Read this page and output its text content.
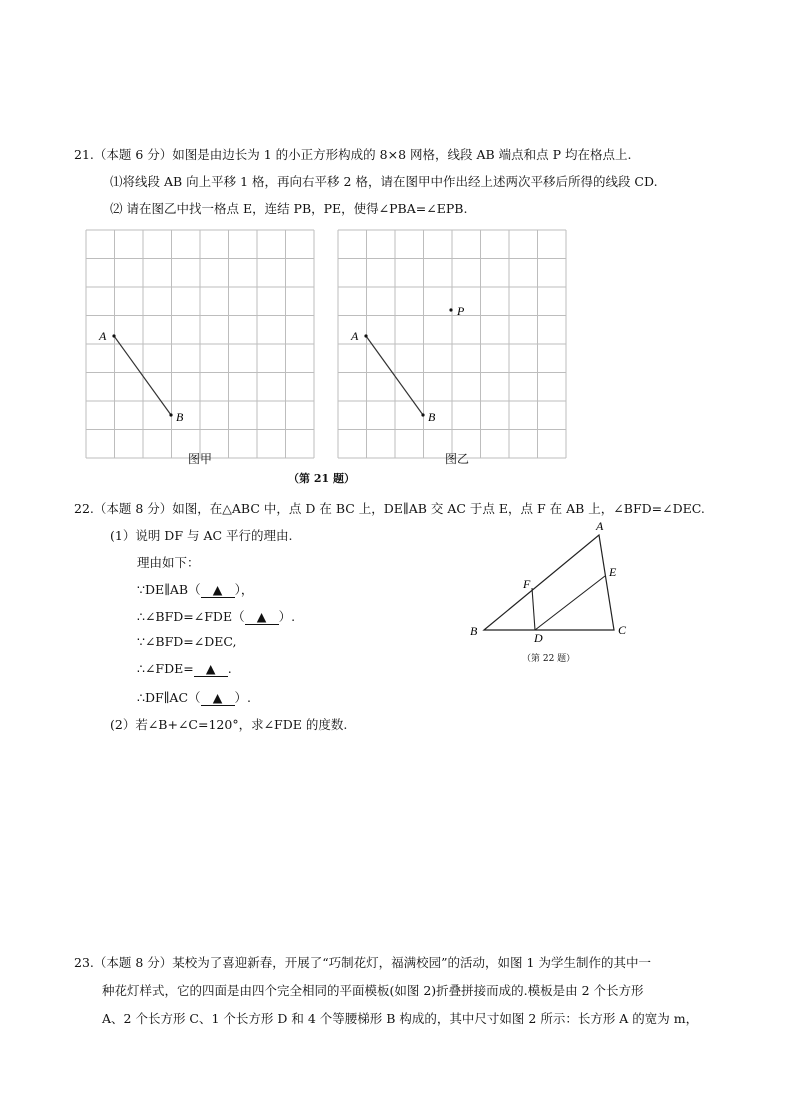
21.（本题 6 分）如图是由边长为 1 的小正方形构成的 8×8 网格，线段 AB 端点和点 P 均在格点上.
⑴将线段 AB 向上平移 1 格，再向右平移 2 格，请在图甲中作出经上述两次平移后所得的线段 CD.
⑵ 请在图乙中找一格点 E，连结 PB，PE，使得∠PBA=∠EPB.
A
B
A
B
P
图甲	图乙
（第 21 题）
22.（本题 8 分）如图，在△ABC 中，点 D 在 BC 上，DE∥AB 交 AC 于点 E，点 F 在 AB 上，∠BFD=∠DEC.
(1）说明 DF 与 AC 平行的理由.
理由如下：
∵DE∥AB（ ▲ ），
∴∠BFD=∠FDE（ ▲ ）.
∵∠BFD=∠DEC,
∴∠FDE= ▲ .
∴DF∥AC（ ▲ ）.
(2）若∠B+∠C=120°，求∠FDE 的度数.
A
E
F
B	D
C
（第 22 题）
23.（本题 8 分）某校为了喜迎新春，开展了“巧制花灯，福满校园”的活动，如图 1 为学生制作的其中一
种花灯样式，它的四面是由四个完全相同的平面模板(如图 2)折叠拼接而成的.模板是由 2 个长方形
A、2 个长方形 C、1 个长方形 D 和 4 个等腰梯形 B 构成的，其中尺寸如图 2 所示：长方形 A 的宽为 m，
